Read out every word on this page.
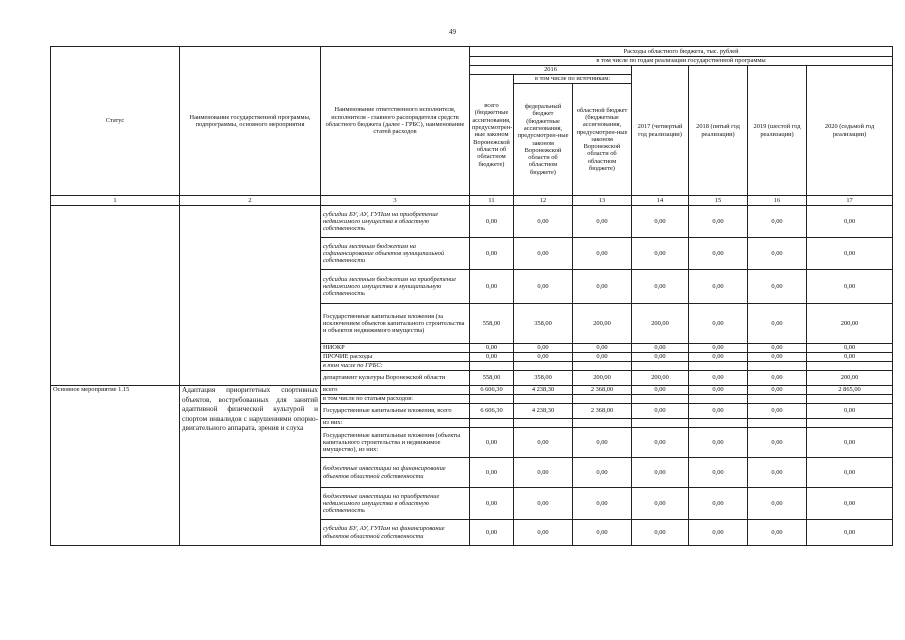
49
Статус	Наименование государственной программы, подпрограммы, основного мероприятия	Наименование ответственного исполнителя, исполнителя - главного распорядителя средств областного бюджета (далее - ГРБС), наименование статей расходов	Расходы областного бюджета, тыс. рублей						
			в том числе по годам реализации государственной программы						
			2016			2017 (четвертый год реализации)	2018 (пятый год реализации)	2019 (шестой год реализации)	2020 (седьмой год реализации)
			всего (бюджетные ассигнования, предусмотрен-ные законом Воронежской области об областном бюджете)	в том числе по источникам:					
				федеральный бюджет (бюджетные ассигнования, предусмотрен-ные законом Воронежской области об областном бюджете)	областной бюджет (бюджетные ассигнования, предусмотрен-ные законом Воронежской области об областном бюджете)				
1	2	3	11	12	13	14	15	16	17
		субсидии БУ, АУ, ГУПам на приобретение недвижимого имущества в областную собственность	0,00	0,00	0,00	0,00	0,00	0,00	0,00
		субсидии местным бюджетам на софинансирование объектов муниципальной собственности	0,00	0,00	0,00	0,00	0,00	0,00	0,00
		субсидии местным бюджетам на приобретение недвижимого имущества в муниципальную собственность	0,00	0,00	0,00	0,00	0,00	0,00	0,00
		Государственные капитальные вложения (за исключением объектов капитального строительства и объектов недвижимого имущества)	558,00	358,00	200,00	200,00	0,00	0,00	200,00
		НИОКР	0,00	0,00	0,00	0,00	0,00	0,00	0,00
		ПРОЧИЕ расходы	0,00	0,00	0,00	0,00	0,00	0,00	0,00
		в том числе по ГРБС:							
		департамент культуры Воронежской области	558,00	358,00	200,00	200,00	0,00	0,00	200,00
Основное мероприятие 1.15	Адаптация приоритетных спортивных объектов, востребованных для занятий адаптивной физической культурой и спортом инвалидов с нарушениями опорно-двигательного аппарата, зрения и слуха	всего	6 606,30	4 238,30	2 368,00	0,00	0,00	0,00	2 865,00
		в том числе по статьям расходов:							
		Государственные капитальные вложения, всего	6 606,30	4 238,30	2 368,00	0,00	0,00	0,00	0,00
		из них:							
		Государственные капитальные вложения (объекты капитального строительства и недвижимое имущество), из них:	0,00	0,00	0,00	0,00	0,00	0,00	0,00
		бюджетные инвестиции на финансирование объектов областной собственности	0,00	0,00	0,00	0,00	0,00	0,00	0,00
		бюджетные инвестиции на приобретение недвижимого имущества в областную собственность	0,00	0,00	0,00	0,00	0,00	0,00	0,00
		субсидии БУ, АУ, ГУПам на финансирование объектов областной собственности	0,00	0,00	0,00	0,00	0,00	0,00	0,00
